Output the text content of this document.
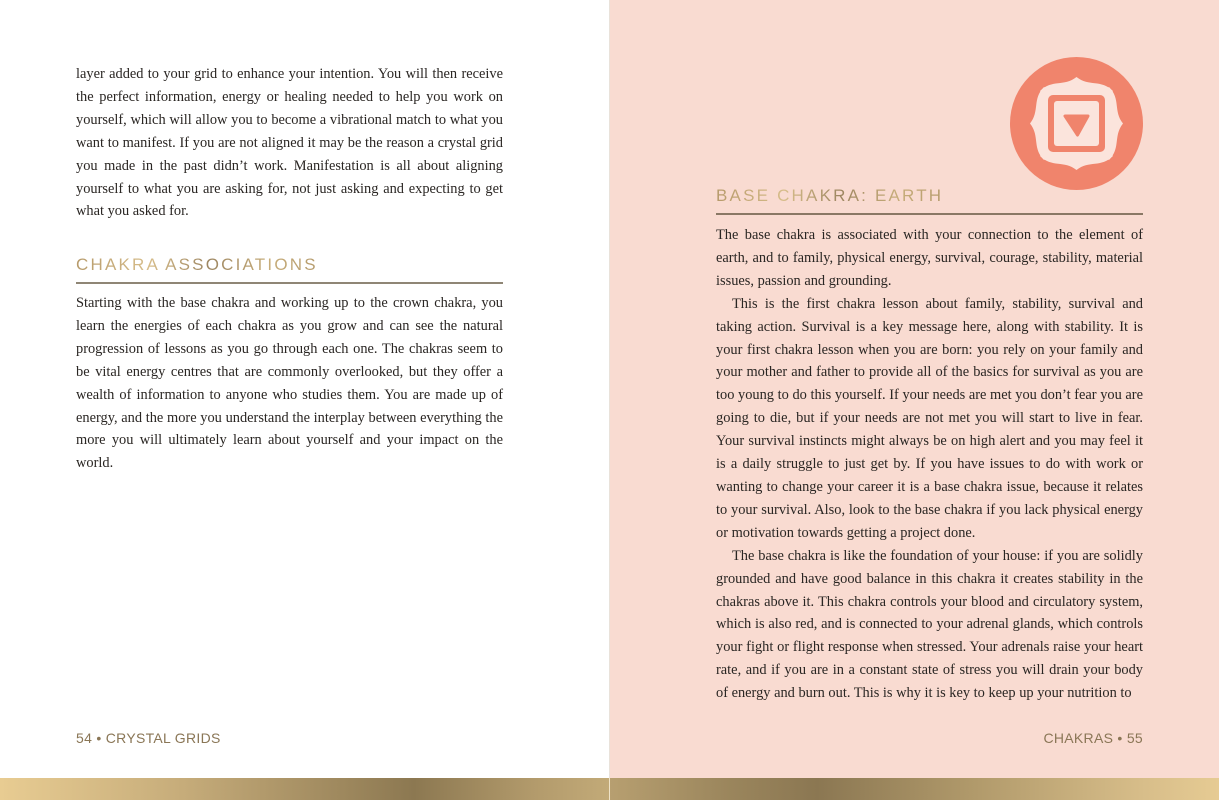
layer added to your grid to enhance your intention. You will then receive the perfect information, energy or healing needed to help you work on yourself, which will allow you to become a vibrational match to what you want to manifest. If you are not aligned it may be the reason a crystal grid you made in the past didn’t work. Manifestation is all about aligning yourself to what you are asking for, not just asking and expecting to get what you asked for.

CHAKRA ASSOCIATIONS

Starting with the base chakra and working up to the crown chakra, you learn the energies of each chakra as you grow and can see the natural progression of lessons as you go through each one. The chakras seem to be vital energy centres that are commonly overlooked, but they offer a wealth of information to anyone who studies them. You are made up of energy, and the more you understand the interplay between everything the more you will ultimately learn about yourself and your impact on the world.

54 • CRYSTAL GRIDS
BASE CHAKRA: EARTH

The base chakra is associated with your connection to the element of earth, and to family, physical energy, survival, courage, stability, material issues, passion and grounding.

This is the first chakra lesson about family, stability, survival and taking action. Survival is a key message here, along with stability. It is your first chakra lesson when you are born: you rely on your family and your mother and father to provide all of the basics for survival as you are too young to do this yourself. If your needs are met you don’t fear you are going to die, but if your needs are not met you will start to live in fear. Your survival instincts might always be on high alert and you may feel it is a daily struggle to just get by. If you have issues to do with work or wanting to change your career it is a base chakra issue, because it relates to your survival. Also, look to the base chakra if you lack physical energy or motivation towards getting a project done.

The base chakra is like the foundation of your house: if you are solidly grounded and have good balance in this chakra it creates stability in the chakras above it. This chakra controls your blood and circulatory system, which is also red, and is connected to your adrenal glands, which controls your fight or flight response when stressed. Your adrenals raise your heart rate, and if you are in a constant state of stress you will drain your body of energy and burn out. This is why it is key to keep up your nutrition to

CHAKRAS • 55
